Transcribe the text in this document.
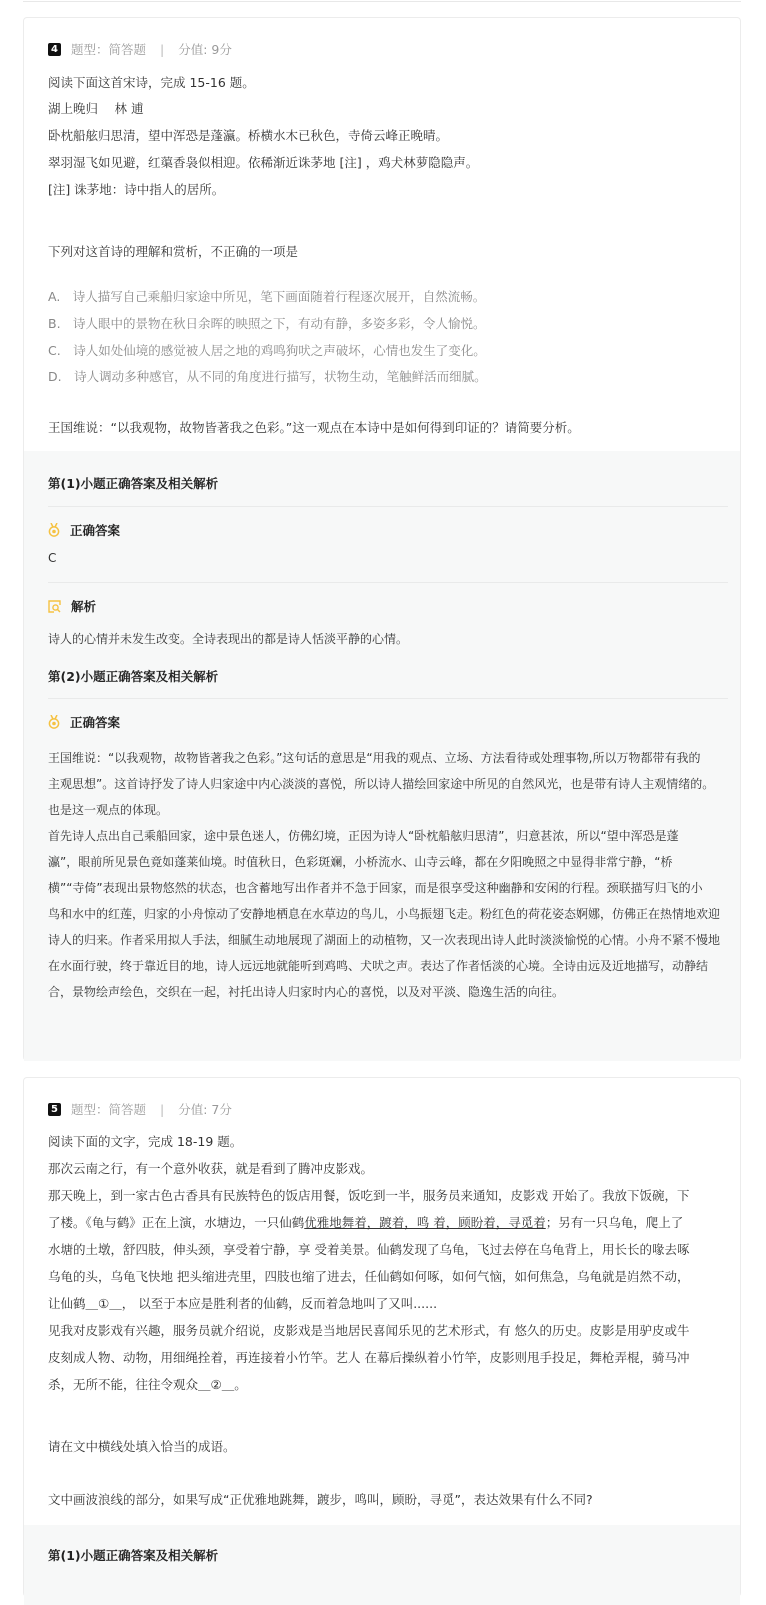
4 题型：简答题 | 分值: 9分
阅读下面这首宋诗，完成 15-16 题。
湖上晚归　 林 逋
卧枕船舷归思清，望中浑恐是蓬瀛。桥横水木已秋色，寺倚云峰正晚晴。
翠羽湿飞如见避，红蕖香袅似相迎。依稀渐近诛茅地 [注] ，鸡犬林萝隐隐声。
[注] 诛茅地：诗中指人的居所。
下列对这首诗的理解和赏析，不正确的一项是
A.　诗人描写自己乘船归家途中所见，笔下画面随着行程逐次展开，自然流畅。
B.　诗人眼中的景物在秋日余晖的映照之下，有动有静，多姿多彩，令人愉悦。
C.　诗人如处仙境的感觉被人居之地的鸡鸣狗吠之声破坏，心情也发生了变化。
D.　诗人调动多种感官，从不同的角度进行描写，状物生动，笔触鲜活而细腻。
王国维说：“以我观物，故物皆著我之色彩。”这一观点在本诗中是如何得到印证的？请简要分析。
第(1)小题正确答案及相关解析
正确答案
C
解析
诗人的心情并未发生改变。全诗表现出的都是诗人恬淡平静的心情。
第(2)小题正确答案及相关解析
正确答案
王国维说：“以我观物，故物皆著我之色彩。”这句话的意思是“用我的观点、立场、方法看待或处理事物,所以万物都带有我的
主观思想”。这首诗抒发了诗人归家途中内心淡淡的喜悦，所以诗人描绘回家途中所见的自然风光，也是带有诗人主观情绪的。
也是这一观点的体现。
首先诗人点出自己乘船回家，途中景色迷人，仿佛幻境，正因为诗人“卧枕船舷归思清”，归意甚浓，所以“望中浑恐是蓬
瀛”，眼前所见景色竟如蓬莱仙境。时值秋日，色彩斑斓，小桥流水、山寺云峰，都在夕阳晚照之中显得非常宁静，“桥
横”“寺倚”表现出景物悠然的状态，也含蓄地写出作者并不急于回家，而是很享受这种幽静和安闲的行程。颈联描写归飞的小
鸟和水中的红莲，归家的小舟惊动了安静地栖息在水草边的鸟儿，小鸟振翅飞走。粉红色的荷花姿态婀娜，仿佛正在热情地欢迎
诗人的归来。作者采用拟人手法，细腻生动地展现了湖面上的动植物，又一次表现出诗人此时淡淡愉悦的心情。小舟不紧不慢地
在水面行驶，终于靠近目的地，诗人远远地就能听到鸡鸣、犬吠之声。表达了作者恬淡的心境。全诗由远及近地描写，动静结
合，景物绘声绘色，交织在一起，衬托出诗人归家时内心的喜悦，以及对平淡、隐逸生活的向往。
5 题型：简答题 | 分值: 7分
阅读下面的文字，完成 18-19 题。
那次云南之行，有一个意外收获，就是看到了腾冲皮影戏。
那天晚上，到一家古色古香具有民族特色的饭店用餐，饭吃到一半，服务员来通知，皮影戏 开始了。我放下饭碗，下
了楼。《龟与鹤》正在上演，水塘边，一只仙鹤优雅地舞着，踱着，鸣 着，顾盼着，寻觅着；另有一只乌龟，爬上了
水塘的土墩，舒四肢，伸头颈，享受着宁静，享 受着美景。仙鹤发现了乌龟，飞过去停在乌龟背上，用长长的喙去啄
乌龟的头，乌龟飞快地 把头缩进壳里，四肢也缩了进去，任仙鹤如何啄，如何气恼，如何焦急，乌龟就是岿然不动，
让仙鹤＿①＿， 以至于本应是胜利者的仙鹤，反而着急地叫了又叫......
见我对皮影戏有兴趣，服务员就介绍说，皮影戏是当地居民喜闻乐见的艺术形式，有 悠久的历史。皮影是用驴皮或牛
皮刻成人物、动物，用细绳拴着，再连接着小竹竿。艺人 在幕后操纵着小竹竿，皮影则甩手投足，舞枪弄棍，骑马冲
杀，无所不能，往往令观众＿②＿。
请在文中横线处填入恰当的成语。
文中画波浪线的部分，如果写成“正优雅地跳舞，踱步，鸣叫，顾盼，寻觅”，表达效果有什么不同?
第(1)小题正确答案及相关解析
